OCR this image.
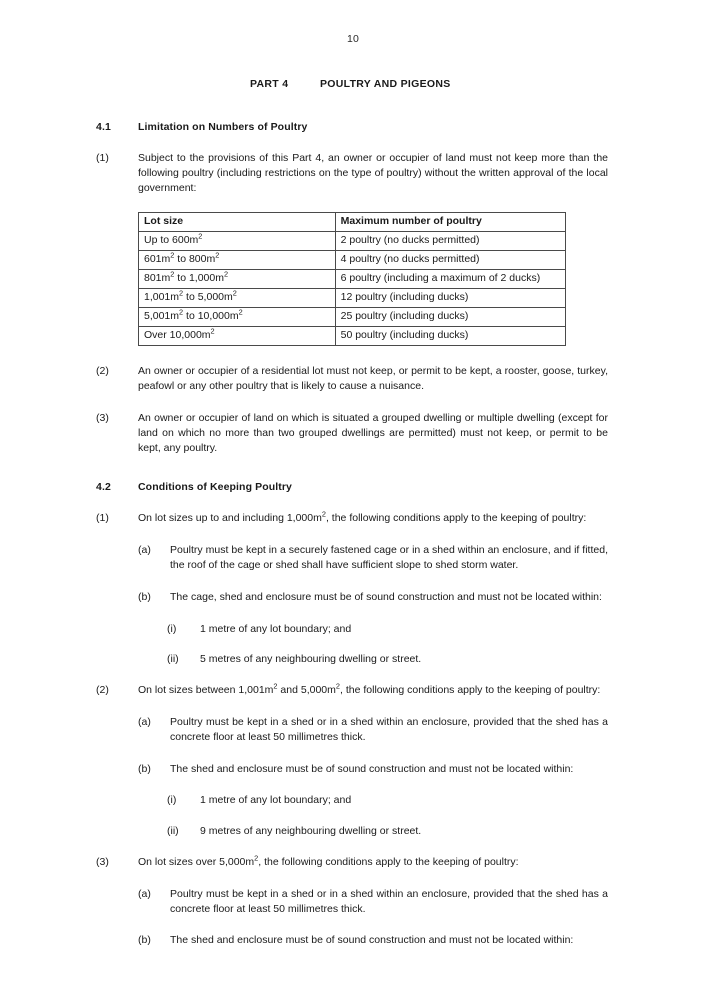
10
PART 4	POULTRY AND PIGEONS
4.1	Limitation on Numbers of Poultry
(1)	Subject to the provisions of this Part 4, an owner or occupier of land must not keep more than the following poultry (including restrictions on the type of poultry) without the written approval of the local government:
Lot size	Maximum number of poultry
Up to $600m^2$	2 poultry (no ducks permitted)
$601m^2$ to $800m^2$	4 poultry (no ducks permitted)
$801m^2$ to $1,000m^2$	6 poultry (including a maximum of 2 ducks)
$1,001m^2$ to $5,000m^2$	12 poultry (including ducks)
$5,001m^2$ to $10,000m^2$	25 poultry (including ducks)
Over $10,000m^2$	50 poultry (including ducks)
(2)	An owner or occupier of a residential lot must not keep, or permit to be kept, a rooster, goose, turkey, peafowl or any other poultry that is likely to cause a nuisance.
(3)	An owner or occupier of land on which is situated a grouped dwelling or multiple dwelling (except for land on which no more than two grouped dwellings are permitted) must not keep, or permit to be kept, any poultry.
4.2	Conditions of Keeping Poultry
(1)	On lot sizes up to and including $1,000m^2$, the following conditions apply to the keeping of poultry:
(a)	Poultry must be kept in a securely fastened cage or in a shed within an enclosure, and if fitted, the roof of the cage or shed shall have sufficient slope to shed storm water.
(b)	The cage, shed and enclosure must be of sound construction and must not be located within:
(i)	1 metre of any lot boundary; and
(ii)	5 metres of any neighbouring dwelling or street.
(2)	On lot sizes between $1,001m^2$ and $5,000m^2$, the following conditions apply to the keeping of poultry:
(a)	Poultry must be kept in a shed or in a shed within an enclosure, provided that the shed has a concrete floor at least 50 millimetres thick.
(b)	The shed and enclosure must be of sound construction and must not be located within:
(i)	1 metre of any lot boundary; and
(ii)	9 metres of any neighbouring dwelling or street.
(3)	On lot sizes over $5,000m^2$, the following conditions apply to the keeping of poultry:
(a)	Poultry must be kept in a shed or in a shed within an enclosure, provided that the shed has a concrete floor at least 50 millimetres thick.
(b)	The shed and enclosure must be of sound construction and must not be located within:
